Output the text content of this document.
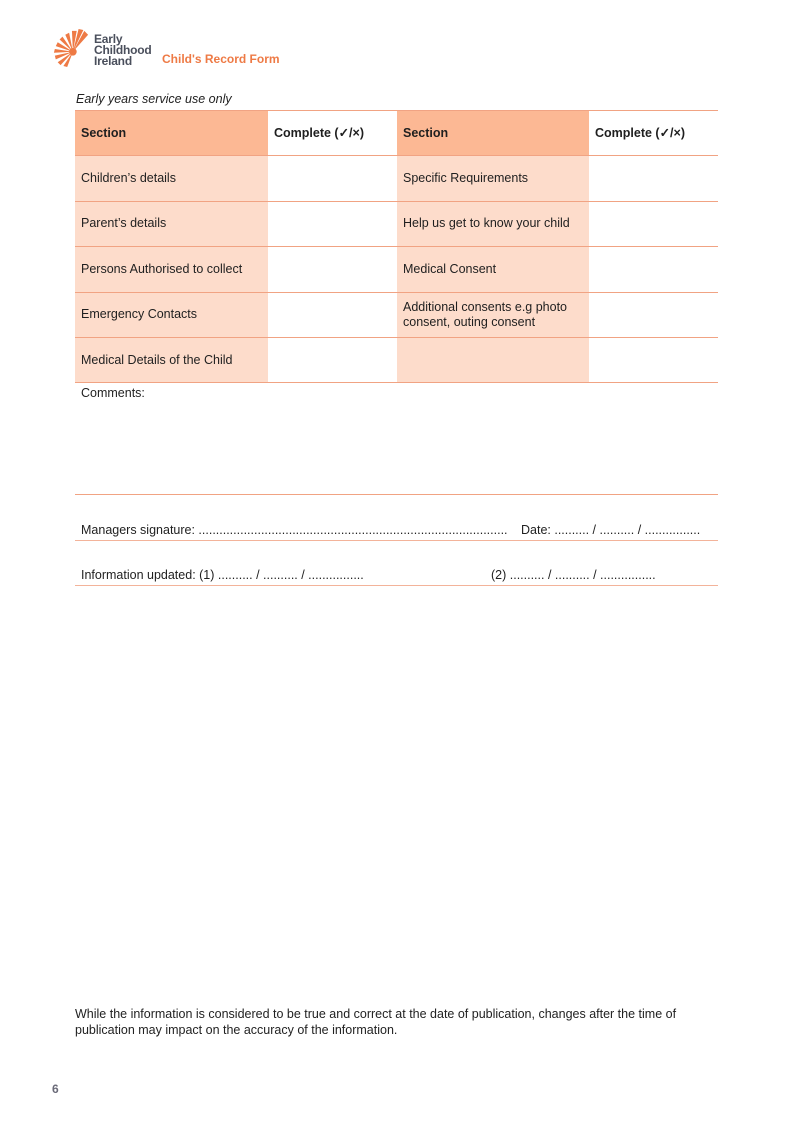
Early
Childhood
Ireland	Child's Record Form
Early years service use only
Section	Complete (✓/×)	Section	Complete (✓/×)
Children’s details		Specific Requirements	
Parent’s details		Help us get to know your child	
Persons Authorised to collect		Medical Consent	
Emergency Contacts		Additional consents e.g photo consent, outing consent	
Medical Details of the Child			
Comments:
Managers signature: ......................................................................................... Date: .......... / .......... / ................
Information updated: (1) .......... / .......... / ................	(2) .......... / .......... / ................
While the information is considered to be true and correct at the date of publication, changes after the time of publication may impact on the accuracy of the information.
6
